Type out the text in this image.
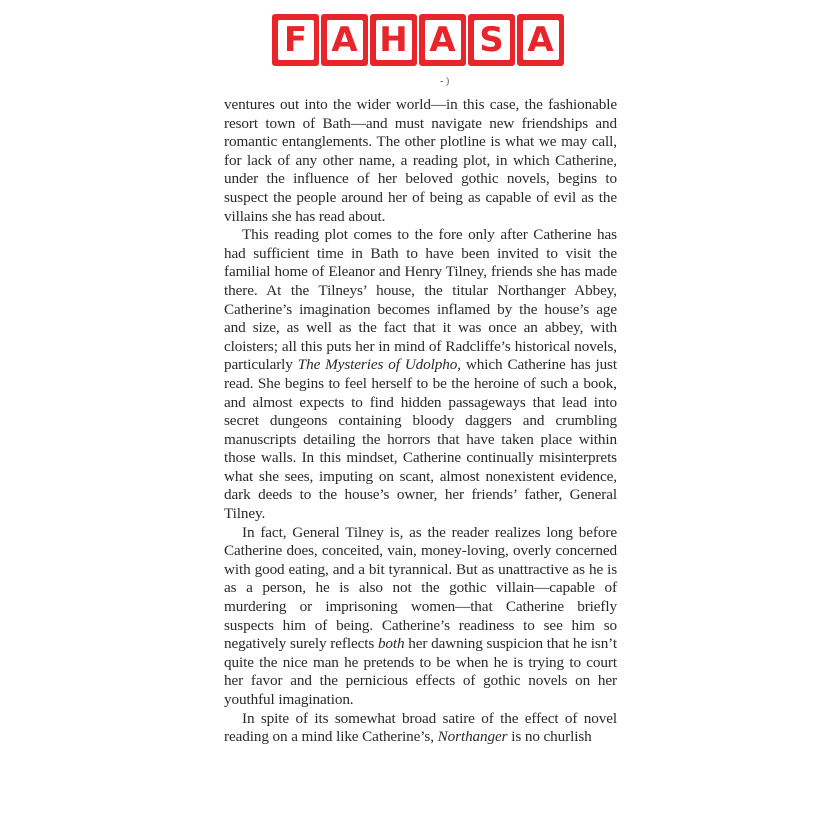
F A H A S A
- )

ventures out into the wider world—in this case, the fashionable resort town of Bath—and must navigate new friendships and romantic entanglements. The other plotline is what we may call, for lack of any other name, a reading plot, in which Catherine, under the influence of her beloved gothic novels, begins to suspect the people around her of being as capable of evil as the villains she has read about.

This reading plot comes to the fore only after Catherine has had sufficient time in Bath to have been invited to visit the familial home of Eleanor and Henry Tilney, friends she has made there. At the Tilneys’ house, the titular Northanger Abbey, Catherine’s imagination becomes inflamed by the house’s age and size, as well as the fact that it was once an abbey, with cloisters; all this puts her in mind of Radcliffe’s historical novels, particularly The Mysteries of Udolpho, which Catherine has just read. She begins to feel herself to be the heroine of such a book, and almost expects to find hidden passageways that lead into secret dungeons containing bloody daggers and crumbling manuscripts detailing the horrors that have taken place within those walls. In this mindset, Catherine continually misinterprets what she sees, imputing on scant, almost nonexistent evidence, dark deeds to the house’s owner, her friends’ father, General Tilney.

In fact, General Tilney is, as the reader realizes long before Catherine does, conceited, vain, money-loving, overly concerned with good eating, and a bit tyrannical. But as unattractive as he is as a person, he is also not the gothic villain—capable of murdering or imprisoning women—that Catherine briefly suspects him of being. Catherine’s readiness to see him so negatively surely reflects both her dawning suspicion that he isn’t quite the nice man he pretends to be when he is trying to court her favor and the pernicious effects of gothic novels on her youthful imagination.

In spite of its somewhat broad satire of the effect of novel reading on a mind like Catherine’s, Northanger is no churlish
